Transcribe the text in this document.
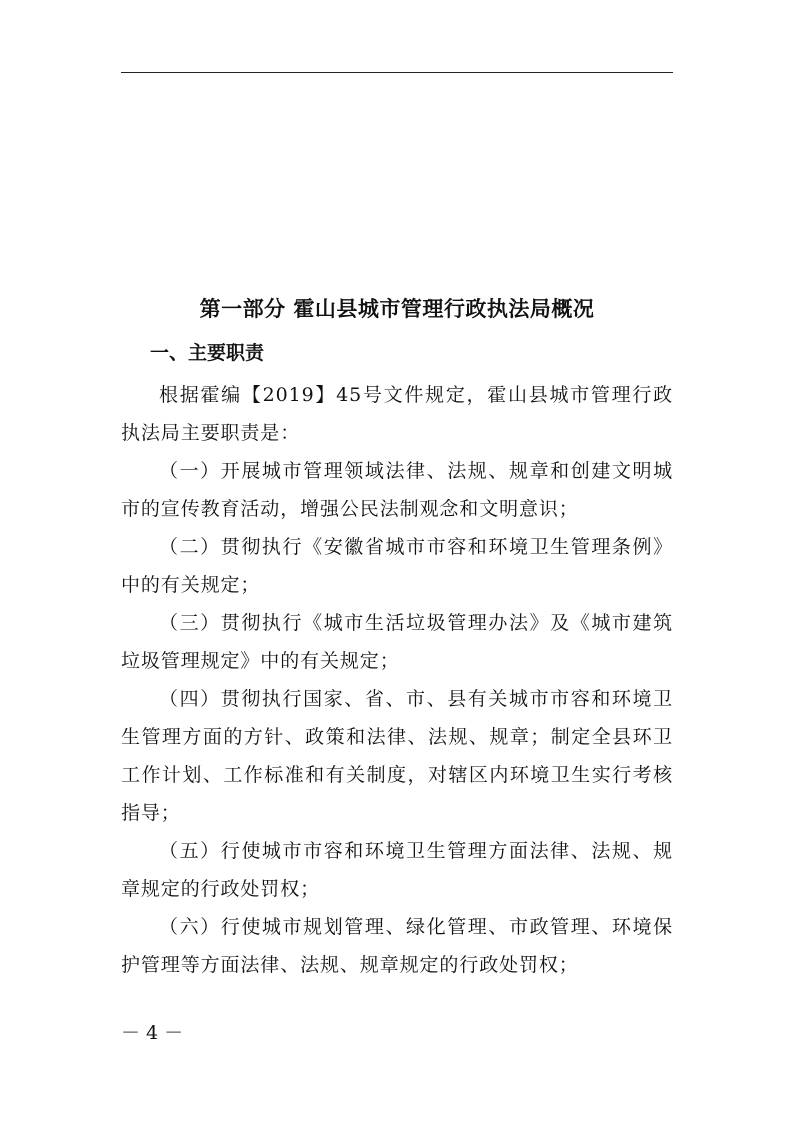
第一部分 霍山县城市管理行政执法局概况
一、主要职责

根据霍编【2019】45号文件规定，霍山县城市管理行政执法局主要职责是：

（一）开展城市管理领域法律、法规、规章和创建文明城市的宣传教育活动，增强公民法制观念和文明意识；

（二）贯彻执行《安徽省城市市容和环境卫生管理条例》中的有关规定；

（三）贯彻执行《城市生活垃圾管理办法》及《城市建筑垃圾管理规定》中的有关规定；

（四）贯彻执行国家、省、市、县有关城市市容和环境卫生管理方面的方针、政策和法律、法规、规章；制定全县环卫工作计划、工作标准和有关制度，对辖区内环境卫生实行考核指导；

（五）行使城市市容和环境卫生管理方面法律、法规、规章规定的行政处罚权；

（六）行使城市规划管理、绿化管理、市政管理、环境保护管理等方面法律、法规、规章规定的行政处罚权；

－ 4 －
